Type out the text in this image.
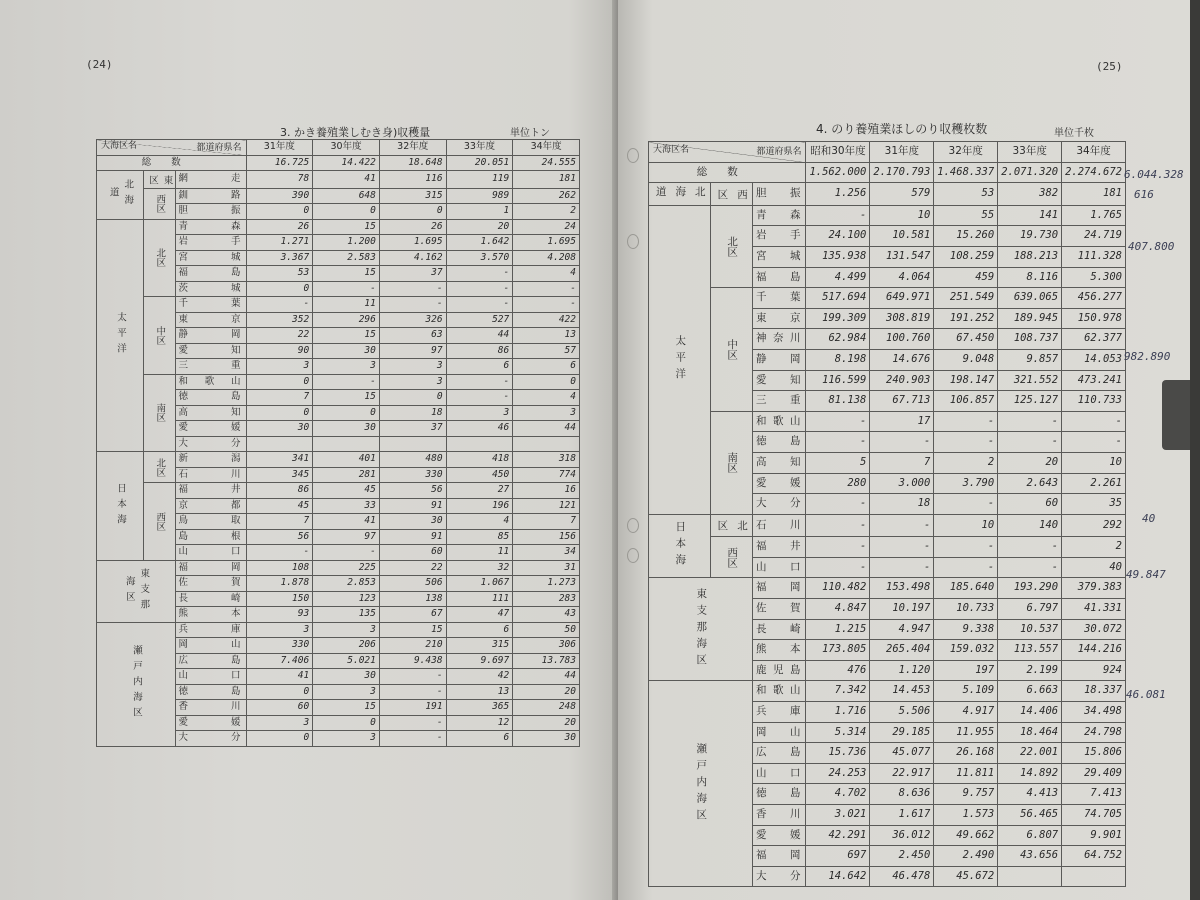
(24)
3. かき養殖業しむき身)収穫量	単位トン
都道府県名
大海区名			31年度	30年度	32年度	33年度	34年度
総数			16.725	14.422	18.648	20.051	24.555
北海道	東区	網走	78	41	116	119	181
	西区	釧路	390	648	315	989	262
		胆振	0	0	0	1	2
太平洋	北区	青森	26	15	26	20	24
		岩手	1.271	1.200	1.695	1.642	1.695
		宮城	3.367	2.583	4.162	3.570	4.208
		福島	53	15	37	-	4
		茨城	0	-	-	-	-
	中区	千葉	-	11	-	-	-
		東京	352	296	326	527	422
		静岡	22	15	63	44	13
		愛知	90	30	97	86	57
		三重	3	3	3	6	6
	南区	和歌山	0	-	3	-	0
		徳島	7	15	0	-	4
		高知	0	0	18	3	3
		愛媛	30	30	37	46	44
		大分					
日本海	北区	新潟	341	401	480	418	318
		石川	345	281	330	450	774
	西区	福井	86	45	56	27	16
		京都	45	33	91	196	121
		鳥取	7	41	30	4	7
		島根	56	97	91	85	156
		山口	-	-	60	11	34
東支那海区		福岡	108	225	22	32	31
		佐賀	1.878	2.853	506	1.067	1.273
		長崎	150	123	138	111	283
		熊本	93	135	67	47	43
瀬戸内海区		兵庫	3	3	15	6	50
		岡山	330	206	210	315	306
		広島	7.406	5.021	9.438	9.697	13.783
		山口	41	30	-	42	44
		徳島	0	3	-	13	20
		香川	60	15	191	365	248
		愛媛	3	0	-	12	20
		大分	0	3	-	6	30
(25)
4. のり養殖業ほしのり収穫枚数	単位千枚
都道府県名
大海区名			昭和30年度	31年度	32年度	33年度	34年度
総数			1.562.000	2.170.793	1.468.337	2.071.320	2.274.672
北海道	西区	胆振	1.256	579	53	382	181
太平洋	北区	青森	-	10	55	141	1.765
		岩手	24.100	10.581	15.260	19.730	24.719
		宮城	135.938	131.547	108.259	188.213	111.328
		福島	4.499	4.064	459	8.116	5.300
	中区	千葉	517.694	649.971	251.549	639.065	456.277
		東京	199.309	308.819	191.252	189.945	150.978
		神奈川	62.984	100.760	67.450	108.737	62.377
		静岡	8.198	14.676	9.048	9.857	14.053
		愛知	116.599	240.903	198.147	321.552	473.241
		三重	81.138	67.713	106.857	125.127	110.733
	南区	和歌山	-	17	-	-	-
		徳島	-	-	-	-	-
		高知	5	7	2	20	10
		愛媛	280	3.000	3.790	2.643	2.261
		大分	-	18	-	60	35
日本海	北区	石川	-	-	10	140	292
	西区	福井	-	-	-	-	2
		山口	-	-	-	-	40
東支那海区		福岡	110.482	153.498	185.640	193.290	379.383
		佐賀	4.847	10.197	10.733	6.797	41.331
		長崎	1.215	4.947	9.338	10.537	30.072
		熊本	173.805	265.404	159.032	113.557	144.216
		鹿児島	476	1.120	197	2.199	924
瀬戸内海区		和歌山	7.342	14.453	5.109	6.663	18.337
		兵庫	1.716	5.506	4.917	14.406	34.498
		岡山	5.314	29.185	11.955	18.464	24.798
		広島	15.736	45.077	26.168	22.001	15.806
		山口	24.253	22.917	11.811	14.892	29.409
		徳島	4.702	8.636	9.757	4.413	7.413
		香川	3.021	1.617	1.573	56.465	74.705
		愛媛	42.291	36.012	49.662	6.807	9.901
		福岡	697	2.450	2.490	43.656	64.752
		大分	14.642	46.478	45.672		
6.044.328
616
407.800
982.890
40
49.847
46.081
